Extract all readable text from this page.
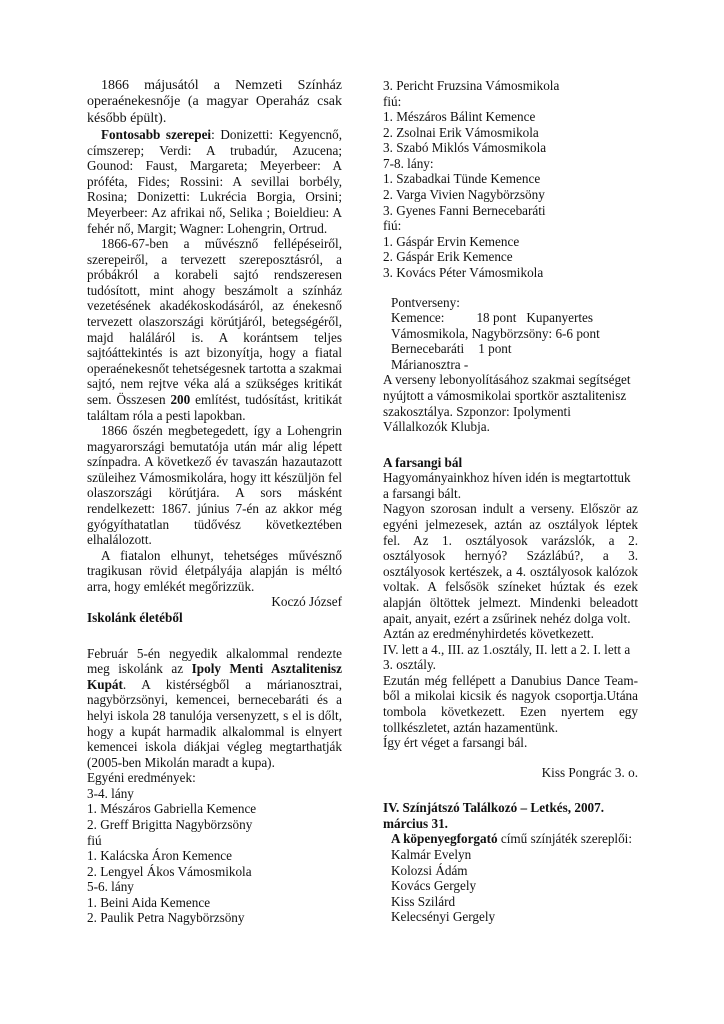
1866 májusától a Nemzeti Színház operaénekesnője (a magyar Operaház csak később épült).

Fontosabb szerepei: Donizetti: Kegyencnő, címszerep; Verdi: A trubadúr, Azucena; Gounod: Faust, Margareta; Meyerbeer: A próféta, Fides; Rossini: A sevillai borbély, Rosina; Donizetti: Lukrécia Borgia, Orsini; Meyerbeer: Az afrikai nő, Selika ; Boieldieu: A fehér nő, Margit; Wagner: Lohengrin, Ortrud.

1866-67-ben a művésznő fellépéseiről, szerepeiről, a tervezett szereposztásról, a próbákról a korabeli sajtó rendszeresen tudósított, mint ahogy beszámolt a színház vezetésének akadékoskodásáról, az énekesnő tervezett olaszországi körútjáról, betegségéről, majd haláláról is. A korántsem teljes sajtóáttekintés is azt bizonyítja, hogy a fiatal operaénekesnőt tehetségesnek tartotta a szakmai sajtó, nem rejtve véka alá a szükséges kritikát sem. Összesen 200 említést, tudósítást, kritikát találtam róla a pesti lapokban.

1866 őszén megbetegedett, így a Lohengrin magyarországi bemutatója után már alig lépett színpadra. A következő év tavaszán hazautazott szüleihez Vámosmikolára, hogy itt készüljön fel olaszországi körútjára. A sors másként rendelkezett: 1867. június 7-én az akkor még gyógyíthatatlan tüdővész következtében elhalálozott.

A fiatalon elhunyt, tehetséges művésznő tragikusan rövid életpályája alapján is méltó arra, hogy emlékét megőrizzük.

Koczó József

Iskolánk életéből

Február 5-én negyedik alkalommal rendezte meg iskolánk az Ipoly Menti Asztalitenisz Kupát. A kistérségből a márianosztrai, nagybörzsönyi, kemencei, bernecebaráti és a helyi iskola 28 tanulója versenyzett, s el is dőlt, hogy a kupát harmadik alkalommal is elnyert kemencei iskola diákjai végleg megtarthatják (2005-ben Mikolán maradt a kupa).

Egyéni eredmények:

3-4. lány
1. Mészáros Gabriella Kemence
2. Greff Brigitta Nagybörzsöny
fiú
1. Kalácska Áron Kemence
2. Lengyel Ákos Vámosmikola
5-6. lány
1. Beini Aida Kemence
2. Paulik Petra Nagybörzsöny
3. Pericht Fruzsina Vámosmikola
fiú:
1. Mészáros Bálint Kemence
2. Zsolnai Erik Vámosmikola
3. Szabó Miklós Vámosmikola
7-8. lány:
1. Szabadkai Tünde Kemence
2. Varga Vivien Nagybörzsöny
3. Gyenes Fanni Bernecebaráti
fiú:
1. Gáspár Ervin Kemence
2. Gáspár Erik Kemence
3. Kovács Péter Vámosmikola
Pontverseny:
Kemence: 18 pont Kupanyertes
Vámosmikola, Nagybörzsöny: 6-6 pont
Bernecebaráti 1 pont
Márianosztra -

A verseny lebonyolításához szakmai segítséget nyújtott a vámosmikolai sportkör asztalitenisz szakosztálya. Szponzor: Ipolymenti Vállalkozók Klubja.

A farsangi bál

Hagyományainkhoz híven idén is megtartottuk a farsangi bált.

Nagyon szorosan indult a verseny. Először az egyéni jelmezesek, aztán az osztályok léptek fel. Az 1. osztályosok varázslók, a 2. osztályosok hernyó? Százlábú?, a 3. osztályosok kertészek, a 4. osztályosok kalózok voltak. A felsősök színeket húztak és ezek alapján öltöttek jelmezt. Mindenki beleadott apait, anyait, ezért a zsűrinek nehéz dolga volt.

Aztán az eredményhirdetés következett.

IV. lett a 4., III. az 1.osztály, II. lett a 2. I. lett a 3. osztály.

Ezután még fellépett a Danubius Dance Team-ből a mikolai kicsik és nagyok csoportja.Utána tombola következett. Ezen nyertem egy tollkészletet, aztán hazamentünk.

Így ért véget a farsangi bál.

Kiss Pongrác 3. o.

IV. Színjátszó Találkozó – Letkés, 2007. március 31.

A köpenyegforgató című színjáték szereplői:

Kalmár Evelyn
Kolozsi Ádám
Kovács Gergely
Kiss Szilárd
Kelecsényi Gergely
